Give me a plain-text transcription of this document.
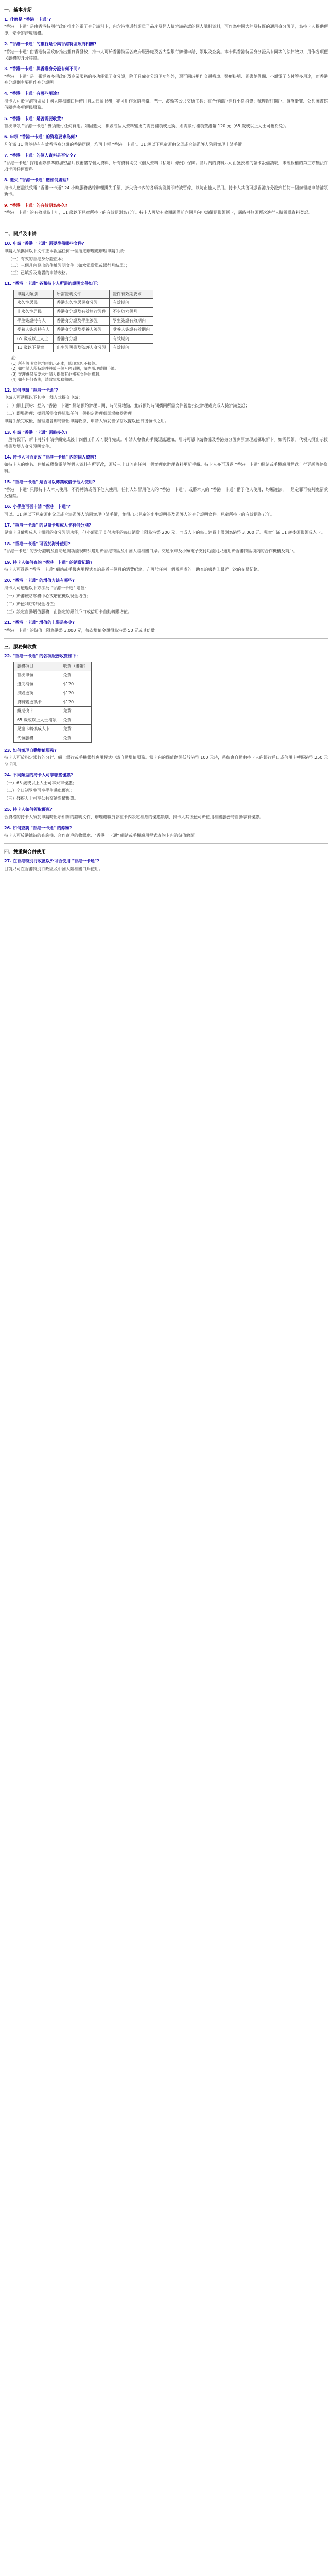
一、基本介紹
1. 什麼是 "香港一卡通"?
"香港一卡通" 是由香港特別行政府推出的電子身分識別卡，內含港澳通行證電子晶片及經人臉辨識確認的個人識別資料，可作為中國大陸及特區的通用身分證明，為持卡人提供便捷、安全的跨境服務。
2. "香港一卡通" 的推行是否與香港特區政府相關?
"香港一卡通" 由香港特區政府推出並負責發放，持卡人可於香港特區各政府服務處及各大型銀行辦理申請、領取及查詢。本卡與香港特區身分證具有同等的法律效力，用作各項便民服務的身分認證。
3. "香港一卡通" 與香港身分證有何不同?
"香港一卡通" 是一張涵蓋多項政府及商業服務的多功能電子身分證，除了具備身分證明功能外，還可同時用作交通乘車、醫療掛號、圖書館借閱、小額電子支付等多用途，而香港身分證則主要用作身分證明。
4. "香港一卡通" 有哪些用途?
持卡人可於香港特區及中國大陸相關口岸使用自助通關服務；亦可用作乘搭港鐵、巴士、渡輪等公共交通工具；在合作商戶進行小額消費；辦理銀行開戶、醫療掛號、公共圖書館借閱等多項便民服務。
5. "香港一卡通" 是否需要收費?
首次申領 "香港一卡通" 毋須繳付任何費用。如因遺失、損毀或個人資料變更而需要補領或更換，則需繳付補領費港幣 120 元（65 歲或以上人士可獲豁免）。
6. 申領 "香港一卡通" 的資格要求為何?
凡年滿 11 歲並持有有效香港身分證的香港居民，均可申領 "香港一卡通"。11 歲以下兒童須由父母或合法監護人陪同辦理申請手續。
7. "香港一卡通" 的個人資料是否安全?
"香港一卡通" 採用國際標準的加密晶片技術儲存個人資料，所有資料均受《個人資料（私隱）條例》保障。晶片內的資料只可由獲授權的讀卡設備讀取，未經授權的第三方無法存取卡內任何資料。
8. 遺失 "香港一卡通" 應如何處理?
持卡人應盡快致電 "香港一卡通" 24 小時服務熱線辦理掛失手續，掛失後卡內的各項功能將即時被暫停，以防止他人冒用。持卡人其後可憑香港身分證到任何一個辦理處申請補領新卡。
9. "香港一卡通" 的有效期為多久?
"香港一卡通" 的有效期為十年，11 歲以下兒童所持卡的有效期則為五年。持卡人可於有效期屆滿前六個月內申請續期換領新卡，屆時將無須再次進行人臉辨識資料登記。
二、開戶及申請
10. 申請 "香港一卡通" 需要準備哪些文件?
申請人須攜同以下文件正本親臨任何一個指定辦理處辦理申請手續：
（一）有效的香港身分證正本；
（二）三個月內發出的住址證明文件（如水電費單或銀行月結單）；
（三）已填妥及簽署的申請表格。
11. "香港一卡通" 各類持卡人所需的證明文件如下：
申請人類別	所需證明文件	證件有效期要求
永久性居民	香港永久性居民身分證	有效期內
非永久性居民	香港身分證及有效旅行證件	不少於六個月
學生簽證持有人	香港身分證及學生簽證	學生簽證有效期內
受養人簽證持有人	香港身分證及受養人簽證	受養人簽證有效期內
65 歲或以上人士	香港身分證	有效期內
11 歲以下兒童	出生證明書及監護人身分證	有效期內
註：
(1) 所有證明文件均須出示正本，影印本恕不接納。
(2) 如申請人所持證件將於三個月內到期，請先辦理續期手續。
(3) 辦理處保留要求申請人提供其他補充文件的權利。
(4) 如有任何查詢，請致電服務熱線。
12. 如何申請 "香港一卡通"?
申請人可選擇以下其中一種方式提交申請：
（一）網上預約：登入 "香港一卡通" 網站預約辦理日期、時間及地點，並於預約時間攜同所需文件親臨指定辦理處完成人臉辨識登記；
（二）即場辦理：攜同所需文件親臨任何一個指定辦理處即場輪候辦理。
申請手續完成後，辦理處會即時發出申請收據，申請人須妥善保存收據以便日後領卡之用。
13. 申請 "香港一卡通" 需時多久?
一般情況下，新卡將於申請手續完成後十四個工作天內製作完成。申請人會收到手機短訊通知，屆時可憑申請收據及香港身分證到原辦理處領取新卡。如需代領，代領人須出示授權書及雙方身分證明文件。
14. 持卡人可否更改 "香港一卡通" 內的個人資料?
如持卡人的姓名、住址或聯絡電話等個人資料有所更改，須於三十日內到任何一個辦理處辦理資料更新手續。持卡人亦可透過 "香港一卡通" 網站或手機應用程式自行更新聯絡資料。
15. "香港一卡通" 是否可以轉讓或借予他人使用?
"香港一卡通" 只限持卡人本人使用，不得轉讓或借予他人使用。任何人如冒用他人的 "香港一卡通"，或將本人的 "香港一卡通" 借予他人使用，均屬違法，一經定罪可被判處罰款及監禁。
16. 小學生可否申請 "香港一卡通"?
可以。11 歲以下兒童須由父母或合法監護人陪同辦理申請手續，並須出示兒童的出生證明書及監護人的身分證明文件。兒童所持卡的有效期為五年。
17. "香港一卡通" 的兒童卡與成人卡有何分別?
兒童卡具備與成人卡相同的身分證明功能，但小額電子支付功能的每日消費上限為港幣 200 元，而成人卡的每日消費上限則為港幣 3,000 元。兒童年滿 11 歲後須換領成人卡。
18. "香港一卡通" 可否於海外使用?
"香港一卡通" 的身分證明及自助通關功能現時只適用於香港特區及中國大陸相關口岸。交通乘車及小額電子支付功能則只適用於香港特區境內的合作機構及商戶。
19. 持卡人如何查詢 "香港一卡通" 的消費紀錄?
持卡人可透過 "香港一卡通" 網站或手機應用程式查詢最近三個月的消費紀錄，亦可於任何一個辦理處的自助查詢機列印最近十次的交易紀錄。
20. "香港一卡通" 的增值方法有哪些?
持卡人可透過以下方法為 "香港一卡通" 增值：
（一）於港鐵站客務中心或增值機以現金增值；
（二）於便利店以現金增值；
（三）設定自動增值服務，由指定的銀行戶口或信用卡自動轉賬增值。
21. "香港一卡通" 增值的上限是多少?
"香港一卡通" 的儲值上限為港幣 3,000 元，每次增值金額須為港幣 50 元或其倍數。
三、服務與收費
22. "香港一卡通" 的各項服務收費如下：
服務項目	收費（港幣）
首次申領	免費
遺失補領	$120
損毀更換	$120
資料變更換卡	$120
續期換卡	免費
65 歲或以上人士補領	免費
兒童卡轉換成人卡	免費
代領服務	免費
23. 如何辦理自動增值服務?
持卡人可於指定銀行的分行、網上銀行或手機銀行應用程式申請自動增值服務。當卡內的儲值餘額低於港幣 100 元時，系統會自動由持卡人的銀行戶口或信用卡轉賬港幣 250 元至卡內。
24. 不同類型的持卡人可享哪些優惠?
（一）65 歲或以上人士可享乘車優惠；
（二）全日制學生可享學生乘車優惠；
（三）殘疾人士可享公共交通票價優惠。
25. 持卡人如何領取優惠?
合資格的持卡人須於申請時出示相關的證明文件，辦理處職員會在卡內設定相應的優惠類別，持卡人其後便可於使用相關服務時自動享有優惠。
26. 如何查詢 "香港一卡通" 的餘額?
持卡人可於港鐵站的查詢機、合作商戶的收銀處、"香港一卡通" 網站或手機應用程式查詢卡內的儲值餘額。
四、雙重與合併使用
27. 在香港特別行政區以外可否使用 "香港一卡通"?
目前只可在香港特別行政區及中國大陸相關口岸使用。
